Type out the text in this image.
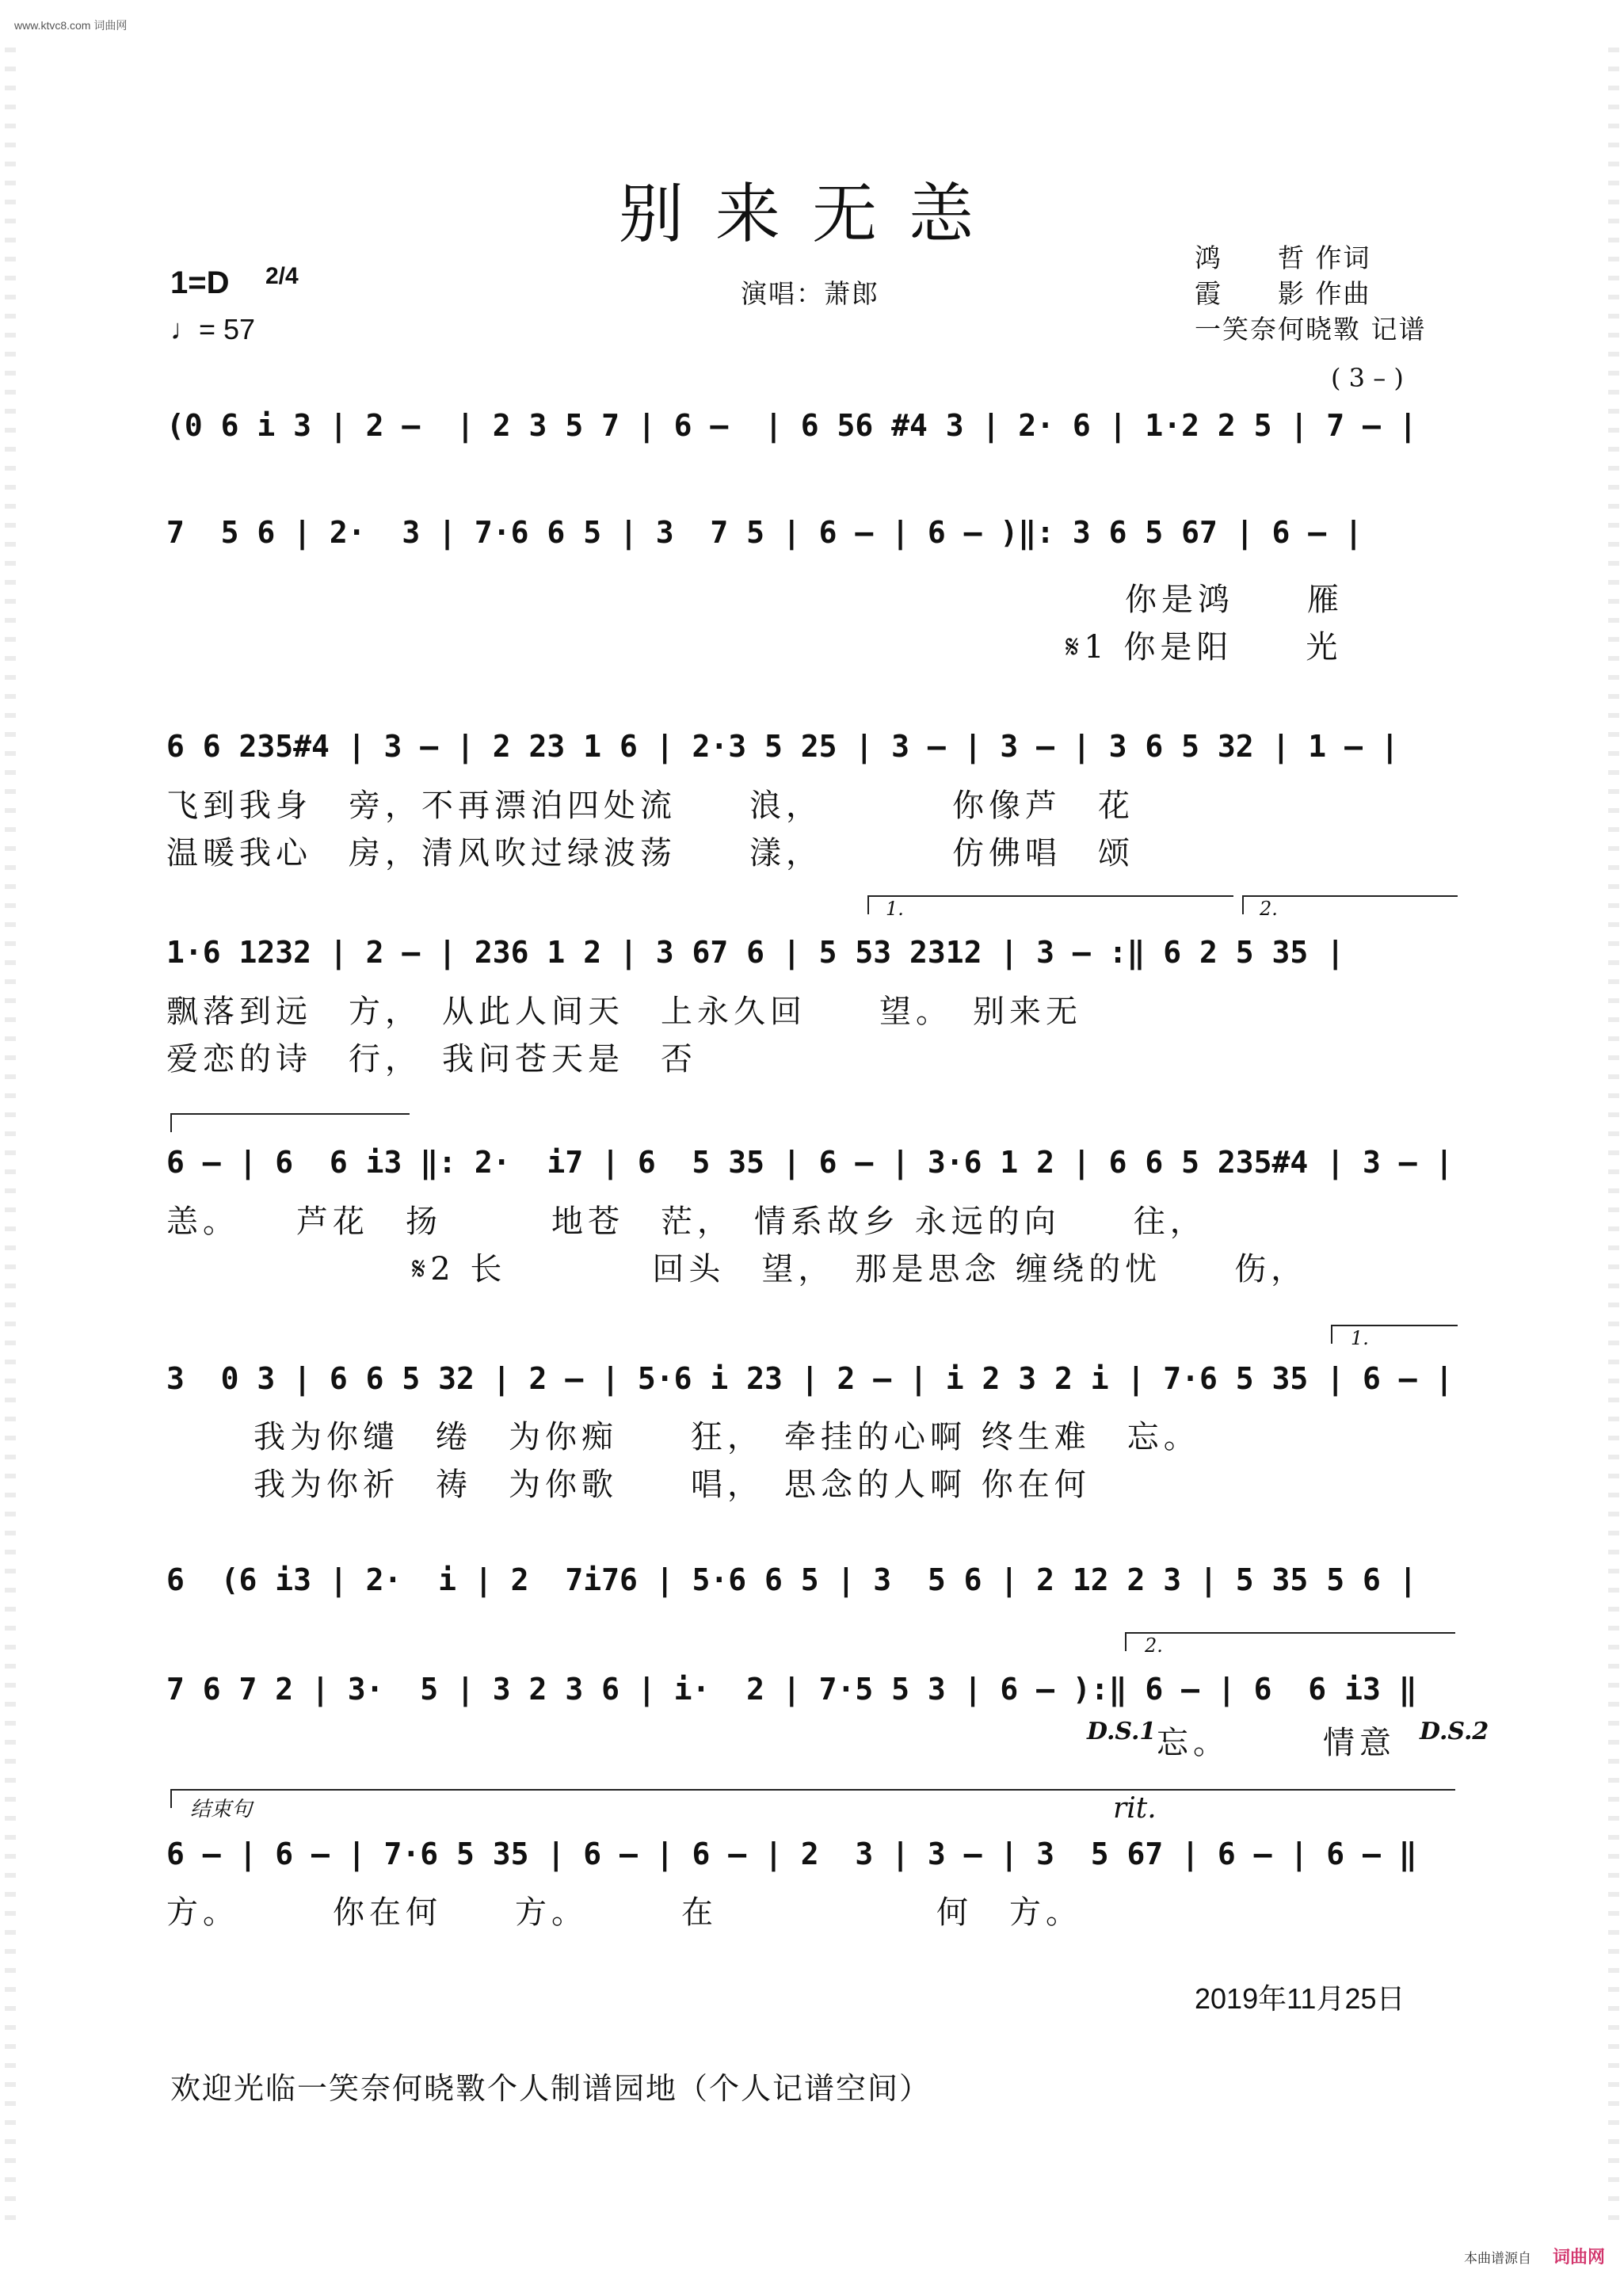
www.ktvc8.com 词曲网
别来无恙
1=D 2/4
♩= 57
演唱：萧郎
鸿　　哲 作词
霞　　影 作曲
一笑奈何晓斁 记谱
( 3 – )
(0 6 i 3 | 2 –  | 2 3 5 7 | 6 –  | 6 56 #4 3 | 2· 6 | 1·2 2 5 | 7 – |
7  5 6 | 2·  3 | 7·6 6 5 | 3  7 5 | 6 – | 6 – )‖: 3 6 5 67 | 6 – |
你是鸿　　雁
𝄋1 你是阳　　光
6 6 235#4 | 3 – | 2 23 1 6 | 2·3 5 25 | 3 – | 3 – | 3 6 5 32 | 1 – |
飞到我身　旁，不再漂泊四处流　　浪，　　　　你像芦　花
温暖我心　房，清风吹过绿波荡　　漾，　　　　仿佛唱　颂
1.	2.
1·6 1232 | 2 – | 236 1 2 | 3 67 6 | 5 53 2312 | 3 – :‖ 6 2 5 35 |
飘落到远　方，　从此人间天　上永久回　　望。　别来无
爱恋的诗　行，　我问苍天是　否
6 – | 6  6 i3 ‖: 2·  i7 | 6  5 35 | 6 – | 3·6 1 2 | 6 6 5 235#4 | 3 – |
恙。　　芦花　扬　　　地苍　茫，　情系故乡 永远的向　　往，
𝄋2 长　　　　回头　望，　那是思念 缠绕的忧　　伤，
1.
3  0 3 | 6 6 5 32 | 2 – | 5·6 i 23 | 2 – | i 2 3 2 i | 7·6 5 35 | 6 – |
我为你缱　绻　为你痴　　狂，　牵挂的心啊 终生难　忘。
我为你祈　祷　为你歌　　唱，　思念的人啊 你在何
6  (6 i3 | 2·  i | 2  7i76 | 5·6 6 5 | 3  5 6 | 2 12 2 3 | 5 35 5 6 |
2.
7 6 7 2 | 3·  5 | 3 2 3 6 | i·  2 | 7·5 5 3 | 6 – ):‖ 6 – | 6  6 i3 ‖
D.S.1 忘。　　　情意	D.S.2
结束句	rit.
6 – | 6 – | 7·6 5 35 | 6 – | 6 – | 2  3 | 3 – | 3  5 67 | 6 – | 6 – ‖
方。　　　你在何　　方。　　　在　　　　　　何　方。
2019年11月25日
欢迎光临一笑奈何晓斁个人制谱园地（个人记谱空间）
本曲谱源自 词曲网
